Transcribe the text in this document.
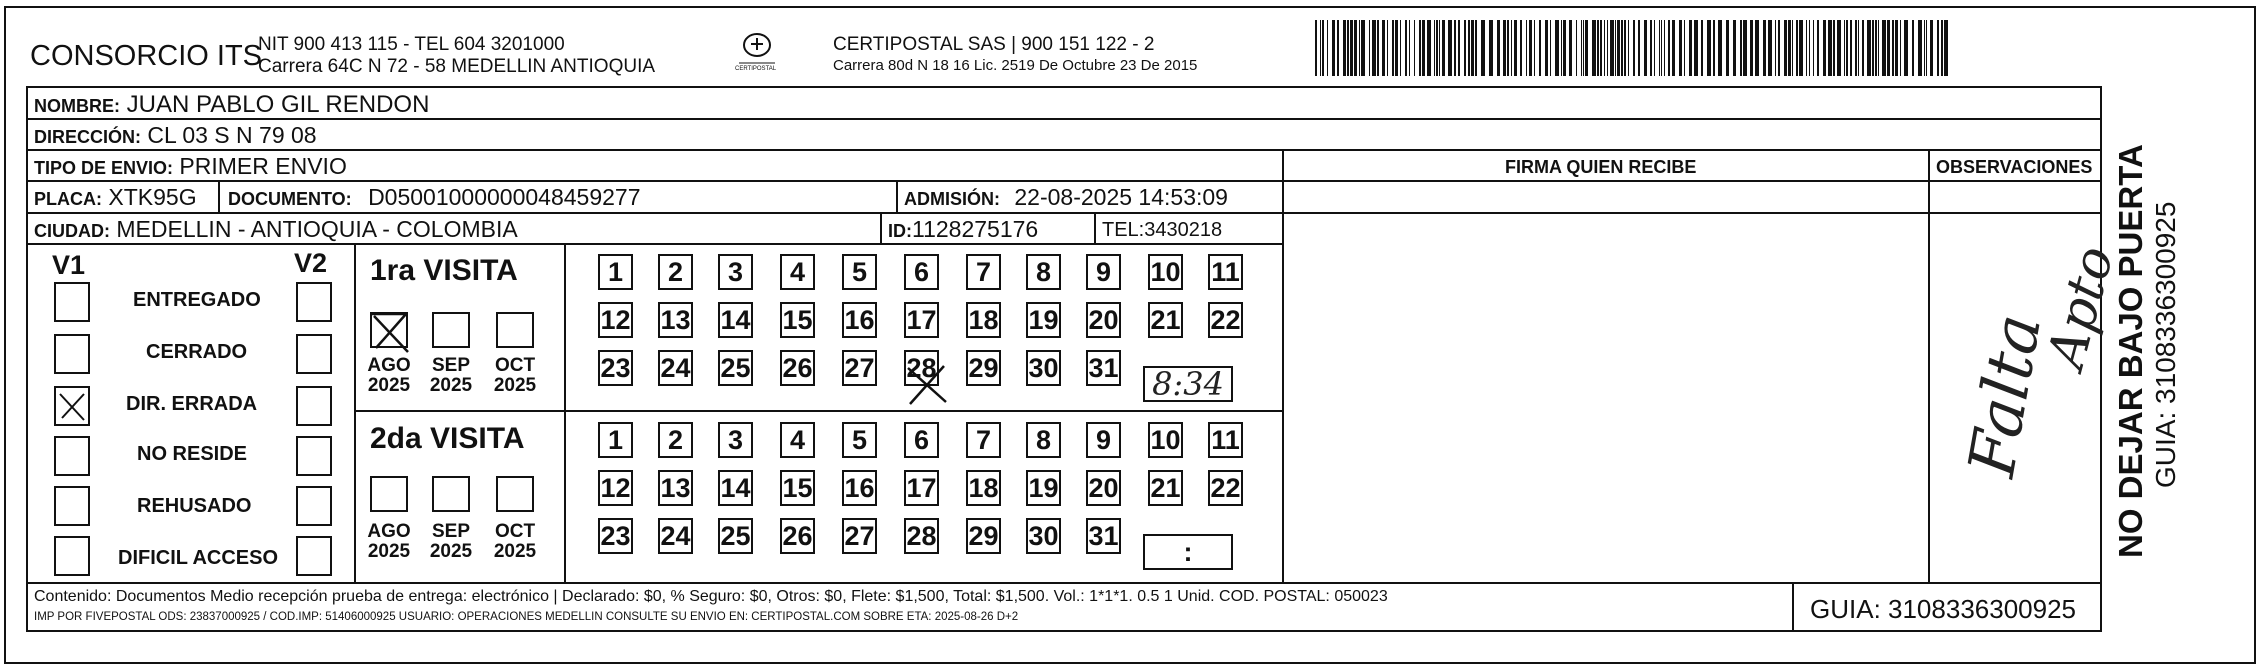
CONSORCIO ITS
NIT 900 413 115 - TEL 604 3201000
Carrera 64C N 72 - 58 MEDELLIN ANTIOQUIA	CERTIPOSTAL
CERTIPOSTAL SAS | 900 151 122 - 2
Carrera 80d N 18 16 Lic. 2519 De Octubre 23 De 2015
NOMBRE: JUAN PABLO GIL RENDON
DIRECCIÓN: CL 03 S N 79 08
TIPO DE ENVIO: PRIMER ENVIO	FIRMA QUIEN RECIBE	OBSERVACIONES
PLACA: XTK95G DOCUMENTO: D05001000000048459277	ADMISIÓN: 22-08-2025 14:53:09
CIUDAD: MEDELLIN - ANTIOQUIA - COLOMBIA	ID:1128275176	TEL:3430218
V1	V2
ENTREGADO
CERRADO
DIR. ERRADA
NO RESIDE
REHUSADO
DIFICIL ACCESO
1ra VISITA
AGO
2025
SEP
2025
OCT
2025
1	2	3	4	5	6	7	8	9	10 11
12 13 14 15 16 17 18 19 20 21 22
23 24 25 26 27 28 29 30 31 8:34
2da VISITA
AGO
2025
SEP
2025
OCT
2025
1	2	3	4	5	6	7	8	9	10 11
12 13 14 15 16 17 18 19 20 21 22
23 24 25 26 27 28 29 30 31
:
Falta
Apto
Contenido: Documentos Medio recepción prueba de entrega: electrónico | Declarado: $0, % Seguro: $0, Otros: $0, Flete: $1,500, Total: $1,500. Vol.: 1*1*1. 0.5 1 Unid. COD. POSTAL: 050023
IMP POR FIVEPOSTAL ODS: 23837000925 / COD.IMP: 51406000925 USUARIO: OPERACIONES MEDELLIN CONSULTE SU ENVIO EN: CERTIPOSTAL.COM SOBRE ETA: 2025-08-26 D+2	GUIA: 3108336300925
NO DEJAR BAJO PUERTA GUIA: 3108336300925
